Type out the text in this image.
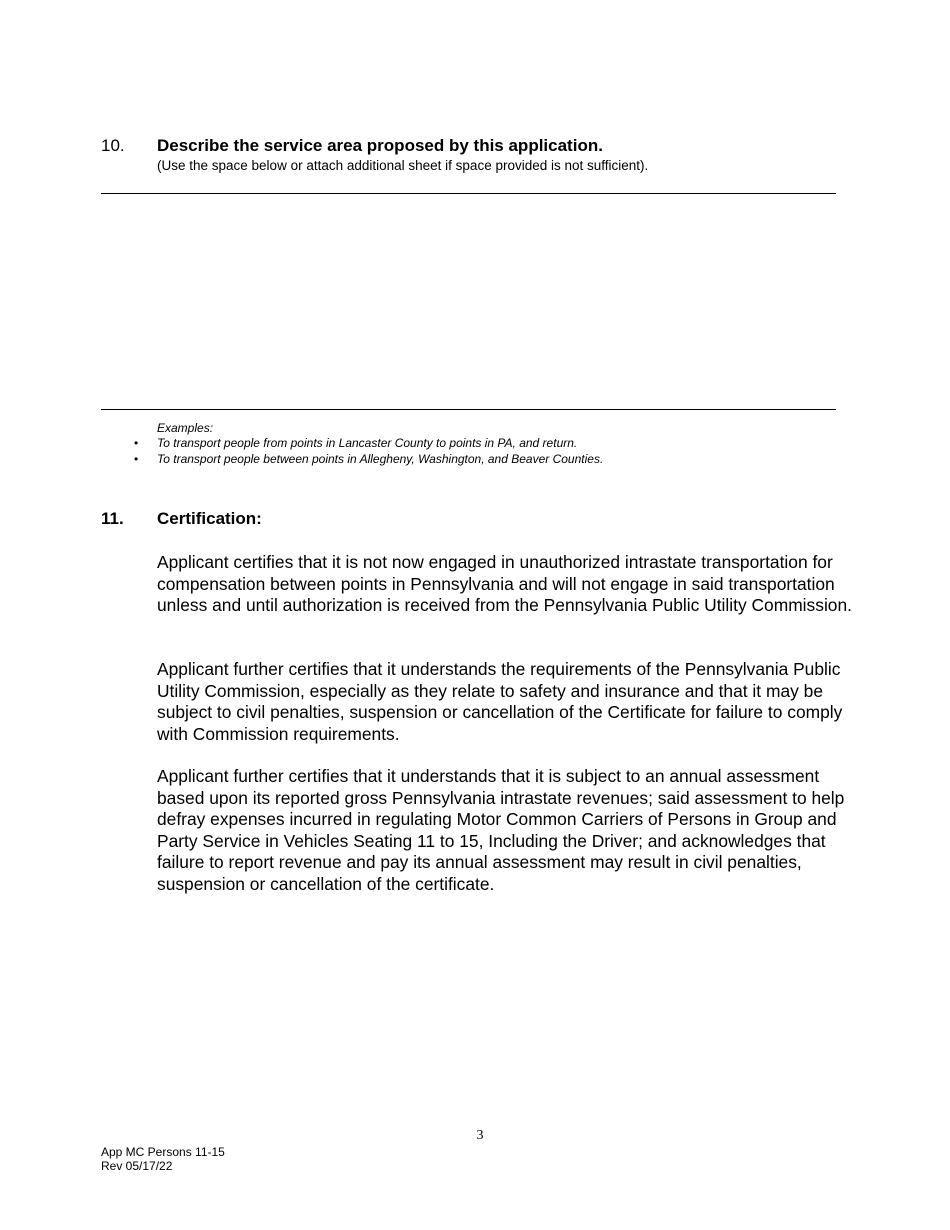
10. Describe the service area proposed by this application.
(Use the space below or attach additional sheet if space provided is not sufficient).
Examples:
• To transport people from points in Lancaster County to points in PA, and return.
• To transport people between points in Allegheny, Washington, and Beaver Counties.
11. Certification:

Applicant certifies that it is not now engaged in unauthorized intrastate transportation for compensation between points in Pennsylvania and will not engage in said transportation unless and until authorization is received from the Pennsylvania Public Utility Commission.

Applicant further certifies that it understands the requirements of the Pennsylvania Public Utility Commission, especially as they relate to safety and insurance and that it may be subject to civil penalties, suspension or cancellation of the Certificate for failure to comply with Commission requirements.

Applicant further certifies that it understands that it is subject to an annual assessment based upon its reported gross Pennsylvania intrastate revenues; said assessment to help defray expenses incurred in regulating Motor Common Carriers of Persons in Group and Party Service in Vehicles Seating 11 to 15, Including the Driver; and acknowledges that failure to report revenue and pay its annual assessment may result in civil penalties, suspension or cancellation of the certificate.

3
App MC Persons 11-15
Rev 05/17/22
